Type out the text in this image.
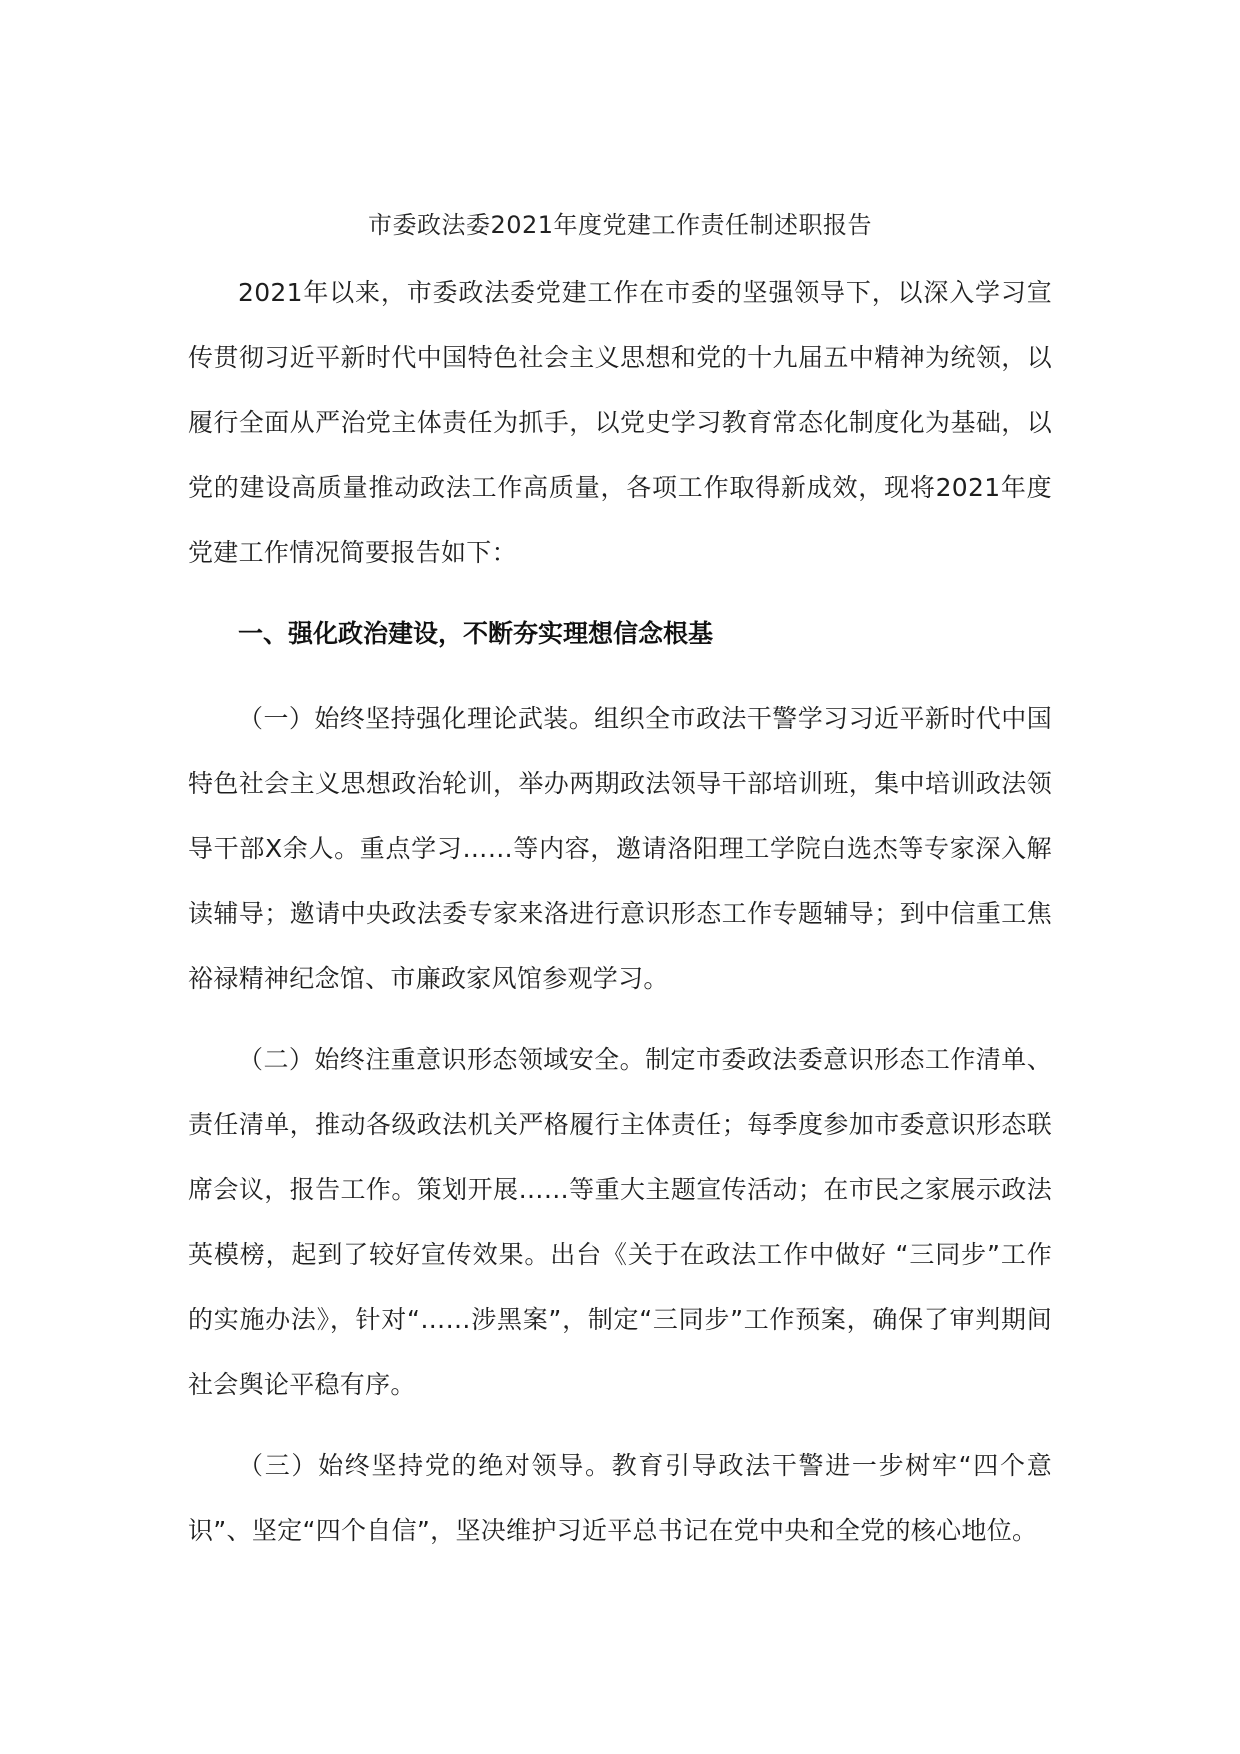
市委政法委2021年度党建工作责任制述职报告

2021年以来，市委政法委党建工作在市委的坚强领导下，以深入学习宣传贯彻习近平新时代中国特色社会主义思想和党的十九届五中精神为统领，以履行全面从严治党主体责任为抓手，以党史学习教育常态化制度化为基础，以党的建设高质量推动政法工作高质量，各项工作取得新成效，现将2021年度党建工作情况简要报告如下：

一、强化政治建设，不断夯实理想信念根基

（一）始终坚持强化理论武装。组织全市政法干警学习习近平新时代中国特色社会主义思想政治轮训，举办两期政法领导干部培训班，集中培训政法领导干部X余人。重点学习……等内容，邀请洛阳理工学院白选杰等专家深入解读辅导；邀请中央政法委专家来洛进行意识形态工作专题辅导；到中信重工焦裕禄精神纪念馆、市廉政家风馆参观学习。

（二）始终注重意识形态领域安全。制定市委政法委意识形态工作清单、责任清单，推动各级政法机关严格履行主体责任；每季度参加市委意识形态联席会议，报告工作。策划开展……等重大主题宣传活动；在市民之家展示政法英模榜，起到了较好宣传效果。出台《关于在政法工作中做好 “三同步”工作的实施办法》，针对“……涉黑案”，制定“三同步”工作预案，确保了审判期间社会舆论平稳有序。

（三）始终坚持党的绝对领导。教育引导政法干警进一步树牢“四个意识”、坚定“四个自信”，坚决维护习近平总书记在党中央和全党的核心地位。
